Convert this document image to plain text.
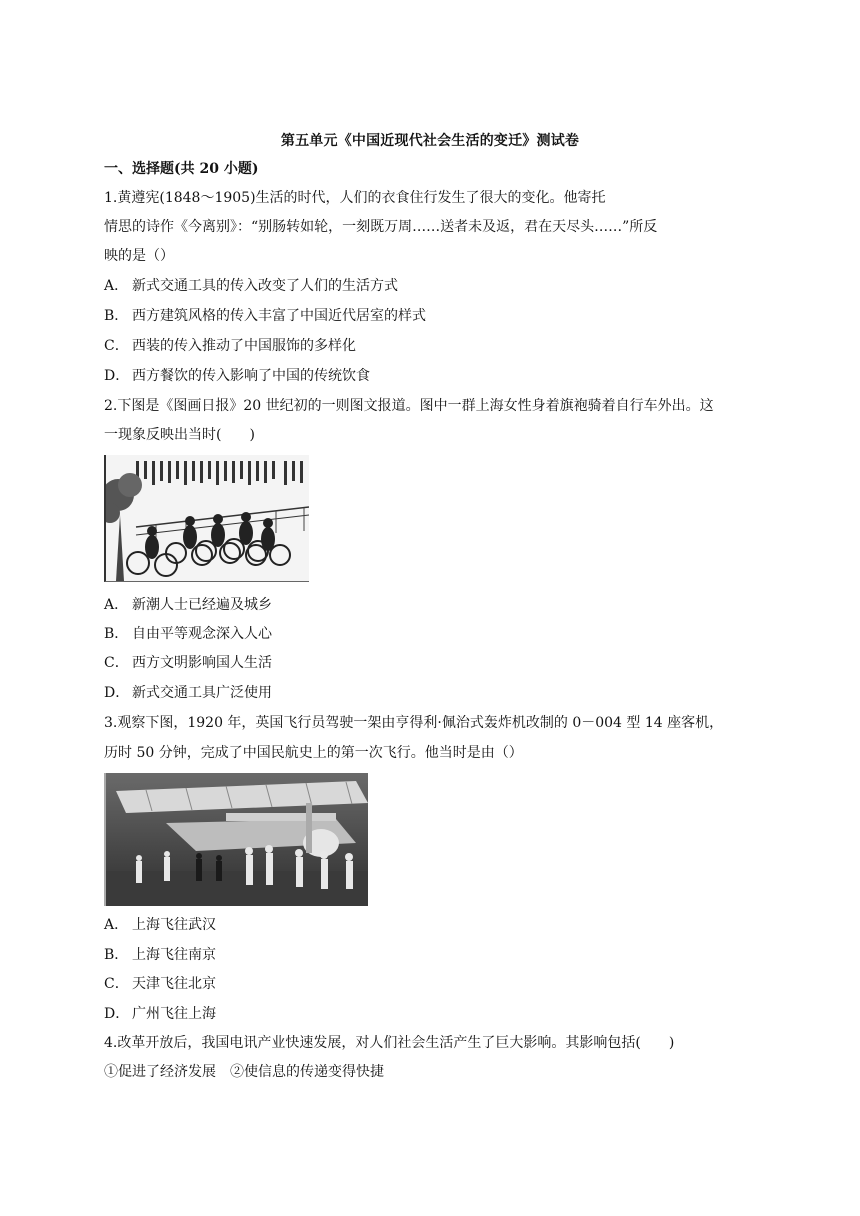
第五单元《中国近现代社会生活的变迁》测试卷
一、选择题(共 20 小题)
1.黄遵宪(1848～1905)生活的时代，人们的衣食住行发生了很大的变化。他寄托
情思的诗作《今离别》：“别肠转如轮，一刻既万周……送者未及返，君在天尽头……”所反
映的是（）
A． 新式交通工具的传入改变了人们的生活方式
B． 西方建筑风格的传入丰富了中国近代居室的样式
C． 西装的传入推动了中国服饰的多样化
D． 西方餐饮的传入影响了中国的传统饮食
2.下图是《图画日报》20 世纪初的一则图文报道。图中一群上海女性身着旗袍骑着自行车外出。这
一现象反映出当时(　　)
A． 新潮人士已经遍及城乡
B． 自由平等观念深入人心
C． 西方文明影响国人生活
D． 新式交通工具广泛使用
3.观察下图，1920 年，英国飞行员驾驶一架由亨得利·佩治式轰炸机改制的 0－004 型 14 座客机，
历时 50 分钟，完成了中国民航史上的第一次飞行。他当时是由（）
A． 上海飞往武汉
B． 上海飞往南京
C． 天津飞往北京
D． 广州飞往上海
4.改革开放后，我国电讯产业快速发展，对人们社会生活产生了巨大影响。其影响包括(　　)
①促进了经济发展　②使信息的传递变得快捷
